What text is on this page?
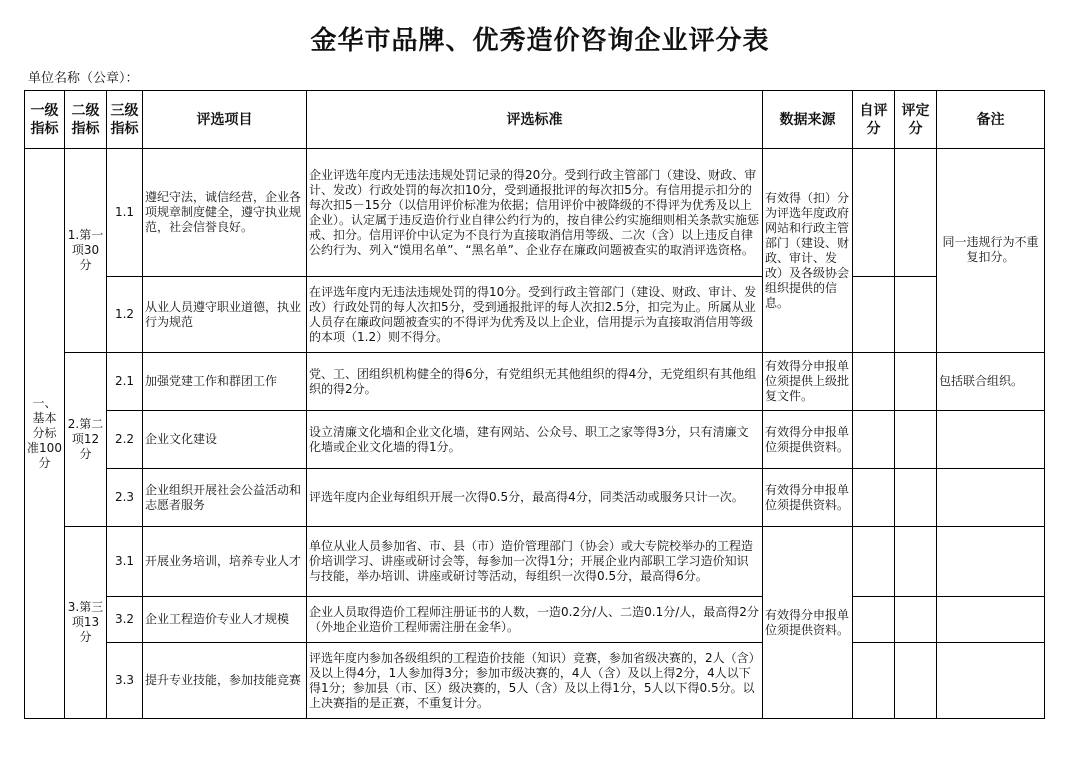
金华市品牌、优秀造价咨询企业评分表
单位名称（公章）：
一级指标	二级指标	三级指标	评选项目	评选标准	数据来源	自评分	评定分	备注
一、基本分标准100分	1.第一项30分	1.1	遵纪守法，诚信经营，企业各项规章制度健全，遵守执业规范，社会信誉良好。	企业评选年度内无违法违规处罚记录的得20分。受到行政主管部门（建设、财政、审计、发改）行政处罚的每次扣10分，受到通报批评的每次扣5分。有信用提示扣分的每次扣5－15分（以信用评价标准为依据；信用评价中被降级的不得评为优秀及以上企业）。认定属于违反造价行业自律公约行为的，按自律公约实施细则相关条款实施惩戒、扣分。信用评价中认定为不良行为直接取消信用等级、二次（含）以上违反自律公约行为、列入“馍用名单”、“黑名单”、企业存在廉政问题被查实的取消评选资格。	有效得（扣）分为评选年度政府网站和行政主管部门（建设、财政、审计、发改）及各级协会组织提供的信息。			同一违规行为不重复扣分。
		1.2	从业人员遵守职业道德，执业行为规范	在评选年度内无违法违规处罚的得10分。受到行政主管部门（建设、财政、审计、发改）行政处罚的每人次扣5分，受到通报批评的每人次扣2.5分，扣完为止。所属从业人员存在廉政问题被查实的不得评为优秀及以上企业，信用提示为直接取消信用等级的本项（1.2）则不得分。				
	2.第二项12分	2.1	加强党建工作和群团工作	党、工、团组织机构健全的得6分，有党组织无其他组织的得4分，无党组织有其他组织的得2分。	有效得分申报单位须提供上级批复文件。			包括联合组织。
		2.2	企业文化建设	设立清廉文化墙和企业文化墙，建有网站、公众号、职工之家等得3分，只有清廉文化墙或企业文化墙的得1分。	有效得分申报单位须提供资料。			
		2.3	企业组织开展社会公益活动和志愿者服务	评选年度内企业每组织开展一次得0.5分，最高得4分，同类活动或服务只计一次。	有效得分申报单位须提供资料。			
	3.第三项13分	3.1	开展业务培训，培养专业人才	单位从业人员参加省、市、县（市）造价管理部门（协会）或大专院校举办的工程造价培训学习、讲座或研讨会等，每参加一次得1分；开展企业内部职工学习造价知识与技能，举办培训、讲座或研讨等活动，每组织一次得0.5分，最高得6分。	有效得分申报单位须提供资料。			
		3.2	企业工程造价专业人才规模	企业人员取得造价工程师注册证书的人数，一造0.2分/人、二造0.1分/人，最高得2分（外地企业造价工程师需注册在金华）。				
		3.3	提升专业技能，参加技能竞赛	评选年度内参加各级组织的工程造价技能（知识）竞赛，参加省级决赛的，2人（含）及以上得4分，1人参加得3分；参加市级决赛的，4人（含）及以上得2分，4人以下得1分；参加县（市、区）级决赛的，5人（含）及以上得1分，5人以下得0.5分。以上决赛指的是正赛，不重复计分。				
